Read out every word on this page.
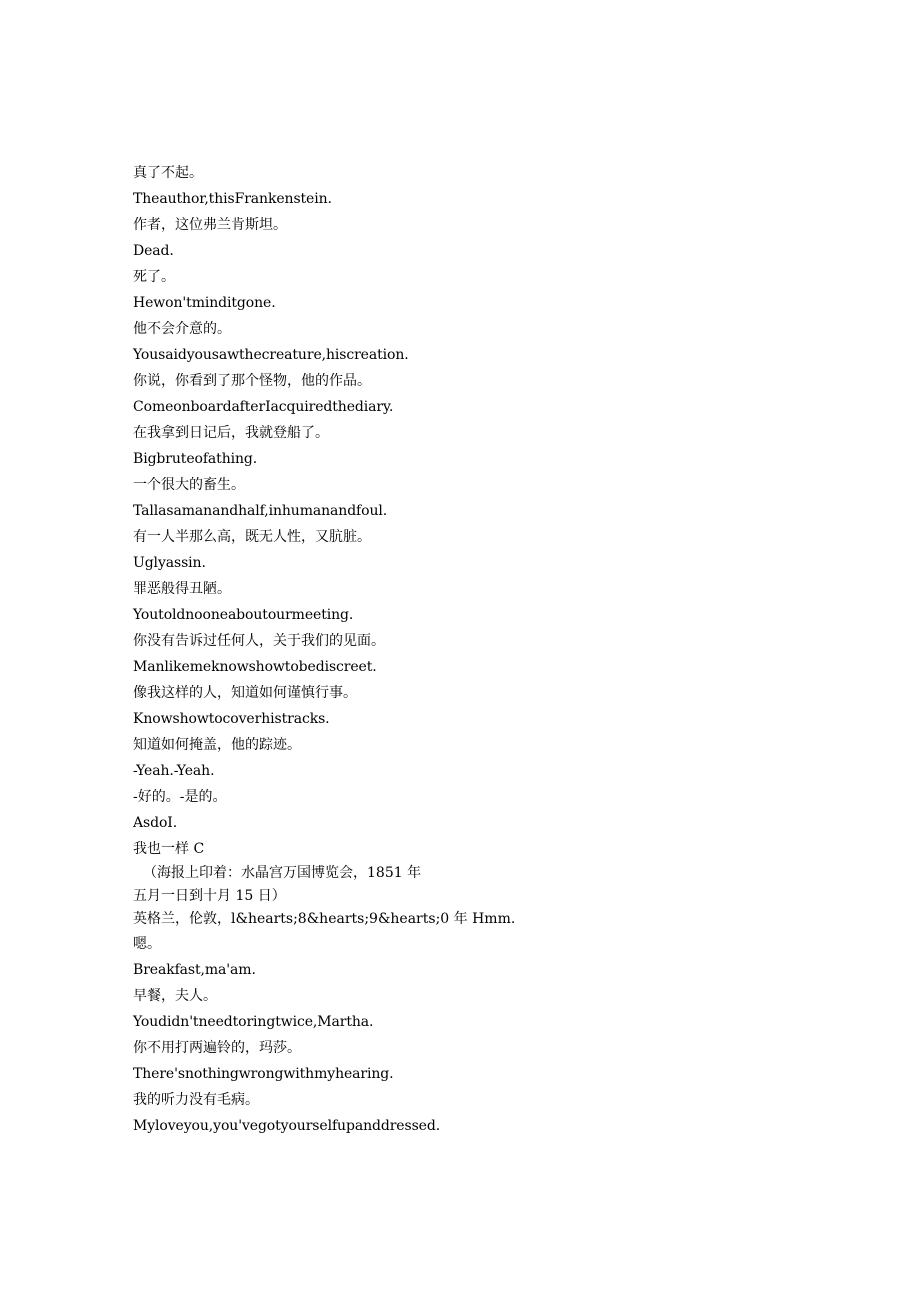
真了不起。
Theauthor,thisFrankenstein.
作者，这位弗兰肯斯坦。
Dead.
死了。
Hewon'tminditgone.
他不会介意的。
Yousaidyousawthecreature,hiscreation.
你说，你看到了那个怪物，他的作品。
ComeonboardafterIacquiredthediary.
在我拿到日记后，我就登船了。
Bigbruteofathing.
一个很大的畜生。
Tallasamanandhalf,inhumanandfoul.
有一人半那么高，既无人性，又肮脏。
Uglyassin.
罪恶般得丑陋。
Youtoldnooneaboutourmeeting.
你没有告诉过任何人，关于我们的见面。
Manlikemeknowshowtobediscreet.
像我这样的人，知道如何谨慎行事。
Knowshowtocoverhistracks.
知道如何掩盖，他的踪迹。
-Yeah.-Yeah.
-好的。-是的。
AsdoI.
我也一样 C
（海报上印着：水晶宫万国博览会，1851 年
五月一日到十月 15 日）
英格兰，伦敦，l&hearts;8&hearts;9&hearts;0 年 Hmm.
嗯。
Breakfast,ma'am.
早餐，夫人。
Youdidn'tneedtoringtwice,Martha.
你不用打两遍铃的，玛莎。
There'snothingwrongwithmyhearing.
我的听力没有毛病。
Myloveyou,you'vegotyourselfupanddressed.
